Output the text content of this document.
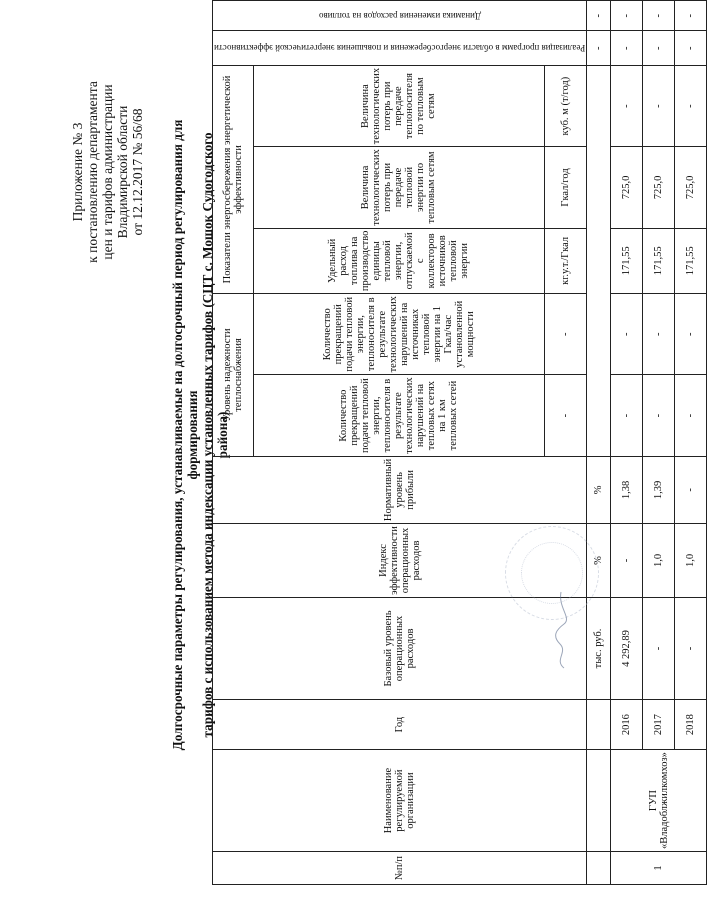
Приложение № 3 к постановлению департамента цен и тарифов администрации Владимирской области от 12.12.2017 № 56/68 Долгосрочные параметры регулирования, устанавливаемые на долгосрочный период регулирования для формирования тарифов с использованием метода индексации установленных тарифов (СЦТ с. Мошок Судогодского района)
№п/п	Наименование регулируемой организации	Год	Базовый уровень операционных расходов	Индекс эффективности операционных расходов	Нормативный уровень прибыли	Уровень надежности теплоснабжения		Показатели энергосбережения энергетической эффективности			Реализация программ в области энергосбережения и повышения энергетической эффективности	Динамика изменения расходов на топливо

						Количество прекращений подачи тепловой энергии, теплоносителя в результате технологических нарушений на тепловых сетях на 1 км тепловых сетей	Количество прекращений подачи тепловой энергии, теплоносителя в результате технологических нарушений на источниках тепловой энергии на 1 Гкал/час установленной мощности	Удельный расход топлива на производство единицы тепловой энергии, отпускаемой с коллекторов источников тепловой энергии	Величина технологических потерь при передаче тепловой энергии по тепловым сетям	Величина технологических потерь при передаче теплоносителя по тепловым сетям		
						-	-	кг.у.т./Гкал	Гкал/год	куб. м (т/год)		
			тыс. руб.	%	%						-	-
1	ГУП «Владоблжилкомхоз»	2016	4 292,89	-	1,38	-	-	171,55	725,0	-	-	-
		2017	-	1,0	1,39	-	-	171,55	725,0	-	-	-
		2018	-	1,0	-	-	-	171,55	725,0	-	-	-
